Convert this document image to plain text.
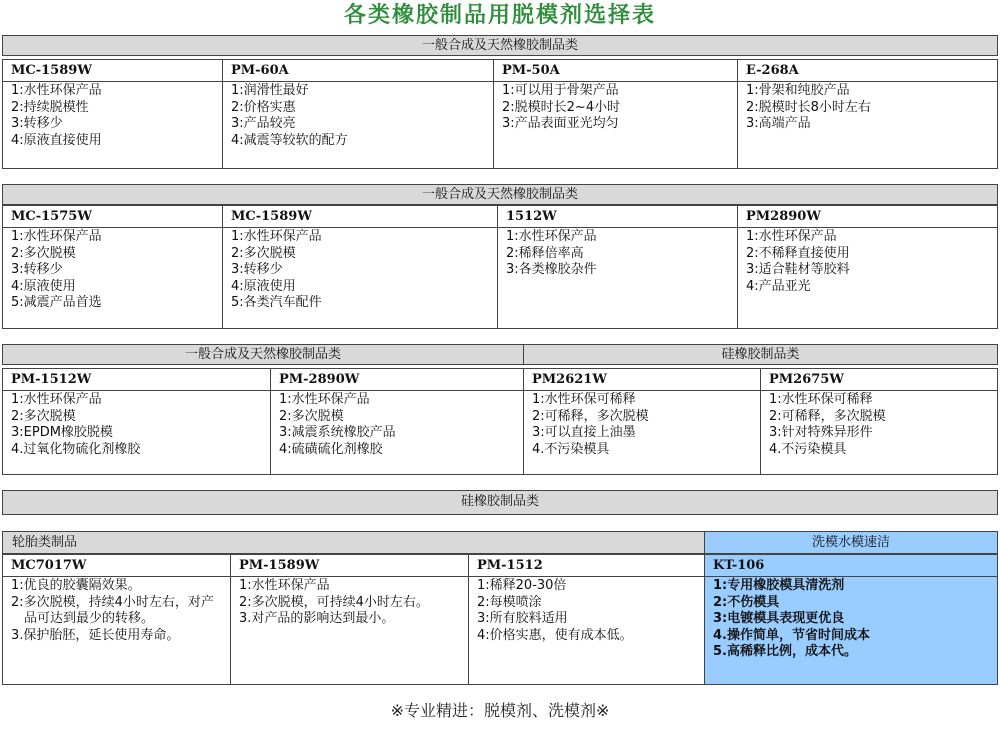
各类橡胶制品用脱模剂选择表
一般合成及天然橡胶制品类
MC-1589W
1:水性环保产品
2:持续脱模性
3:转移少
4:原液直接使用
PM-60A
1:润滑性最好
2:价格实惠
3:产品较亮
4:减震等较软的配方
PM-50A
1:可以用于骨架产品
2:脱模时长2~4小时
3:产品表面亚光均匀
E-268A
1:骨架和纯胶产品
2:脱模时长8小时左右
3:高端产品
一般合成及天然橡胶制品类
MC-1575W
1:水性环保产品
2:多次脱模
3:转移少
4:原液使用
5:减震产品首选
MC-1589W
1:水性环保产品
2:多次脱模
3:转移少
4:原液使用
5:各类汽车配件
1512W
1:水性环保产品
2:稀释倍率高
3:各类橡胶杂件
PM2890W
1:水性环保产品
2:不稀释直接使用
3:适合鞋材等胶料
4:产品亚光
一般合成及天然橡胶制品类	硅橡胶制品类
PM-1512W
1:水性环保产品
2:多次脱模
3:EPDM橡胶脱模
4.过氧化物硫化剂橡胶
PM-2890W
1:水性环保产品
2:多次脱模
3:减震系统橡胶产品
4:硫磺硫化剂橡胶
PM2621W
1:水性环保可稀释
2:可稀释，多次脱模
3:可以直接上油墨
4.不污染模具
PM2675W
1:水性环保可稀释
2:可稀释，多次脱模
3:针对特殊异形件
4.不污染模具
硅橡胶制品类
轮胎类制品	洗模水模速洁
MC7017W
1:优良的胶囊隔效果。
2:多次脱模，持续4小时左右，对产品可达到最少的转移。
3.保护胎胚，延长使用寿命。
PM-1589W
1:水性环保产品
2:多次脱模，可持续4小时左右。
3.对产品的影响达到最小。
PM-1512
1:稀释20-30倍
2:每模喷涂
3:所有胶料适用
4:价格实惠，使有成本低。
KT-106
1:专用橡胶模具清洗剂
2:不伤模具
3:电镀模具表现更优良
4.操作简单，节省时间成本
5.高稀释比例，成本代。
※专业精进：脱模剂、洗模剂※
